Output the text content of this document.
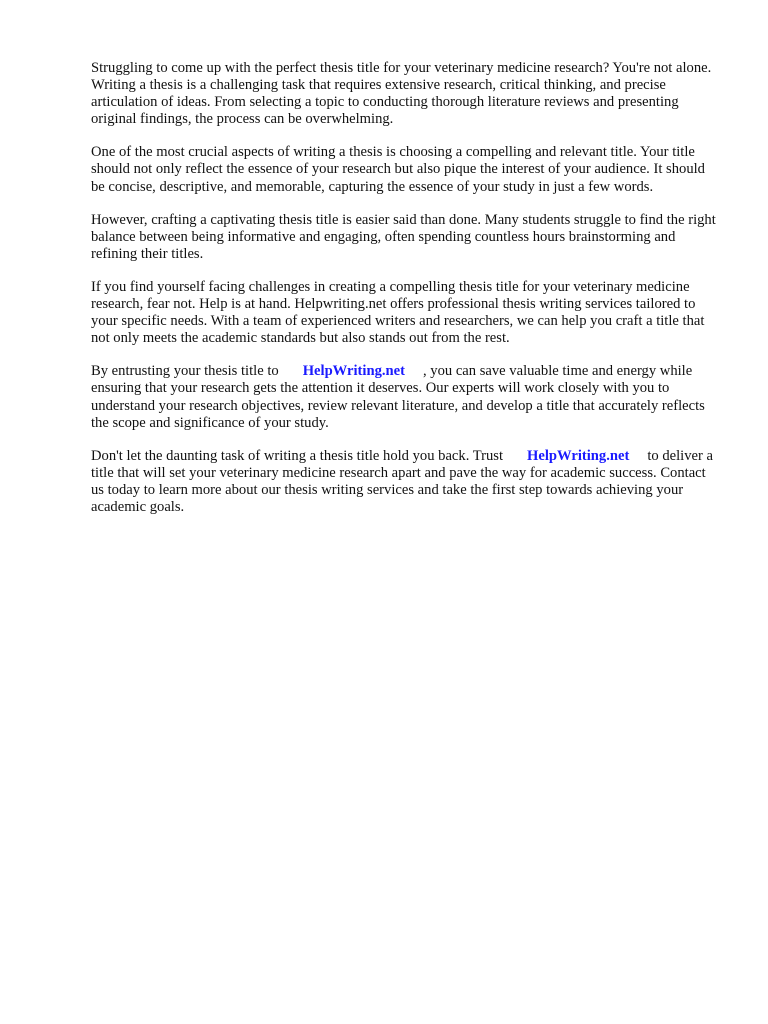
Struggling to come up with the perfect thesis title for your veterinary medicine research? You're not alone. Writing a thesis is a challenging task that requires extensive research, critical thinking, and precise articulation of ideas. From selecting a topic to conducting thorough literature reviews and presenting original findings, the process can be overwhelming.

One of the most crucial aspects of writing a thesis is choosing a compelling and relevant title. Your title should not only reflect the essence of your research but also pique the interest of your audience. It should be concise, descriptive, and memorable, capturing the essence of your study in just a few words.

However, crafting a captivating thesis title is easier said than done. Many students struggle to find the right balance between being informative and engaging, often spending countless hours brainstorming and refining their titles.

If you find yourself facing challenges in creating a compelling thesis title for your veterinary medicine research, fear not. Help is at hand. Helpwriting.net offers professional thesis writing services tailored to your specific needs. With a team of experienced writers and researchers, we can help you craft a title that not only meets the academic standards but also stands out from the rest.

By entrusting your thesis title to HelpWriting.net , you can save valuable time and energy while ensuring that your research gets the attention it deserves. Our experts will work closely with you to understand your research objectives, review relevant literature, and develop a title that accurately reflects the scope and significance of your study.

Don't let the daunting task of writing a thesis title hold you back. Trust HelpWriting.net to deliver a title that will set your veterinary medicine research apart and pave the way for academic success. Contact us today to learn more about our thesis writing services and take the first step towards achieving your academic goals.
